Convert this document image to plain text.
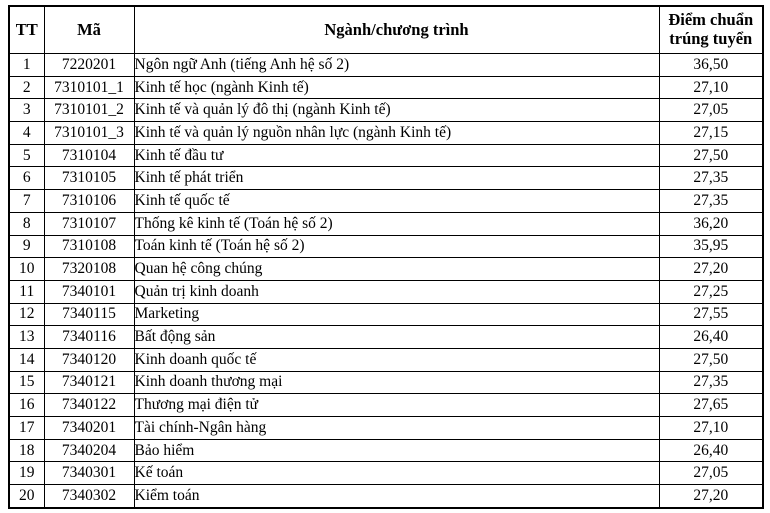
TT	Mã	Ngành/chương trình	Điểm chuẩn trúng tuyển
1	7220201	Ngôn ngữ Anh (tiếng Anh hệ số 2)	36,50
2	7310101_1	Kinh tế học (ngành Kinh tế)	27,10
3	7310101_2	Kinh tế và quản lý đô thị (ngành Kinh tế)	27,05
4	7310101_3	Kinh tế và quản lý nguồn nhân lực (ngành Kinh tế)	27,15
5	7310104	Kinh tế đầu tư	27,50
6	7310105	Kinh tế phát triển	27,35
7	7310106	Kinh tế quốc tế	27,35
8	7310107	Thống kê kinh tế (Toán hệ số 2)	36,20
9	7310108	Toán kinh tế (Toán hệ số 2)	35,95
10	7320108	Quan hệ công chúng	27,20
11	7340101	Quản trị kinh doanh	27,25
12	7340115	Marketing	27,55
13	7340116	Bất động sản	26,40
14	7340120	Kinh doanh quốc tế	27,50
15	7340121	Kinh doanh thương mại	27,35
16	7340122	Thương mại điện tử	27,65
17	7340201	Tài chính-Ngân hàng	27,10
18	7340204	Bảo hiểm	26,40
19	7340301	Kế toán	27,05
20	7340302	Kiểm toán	27,20
